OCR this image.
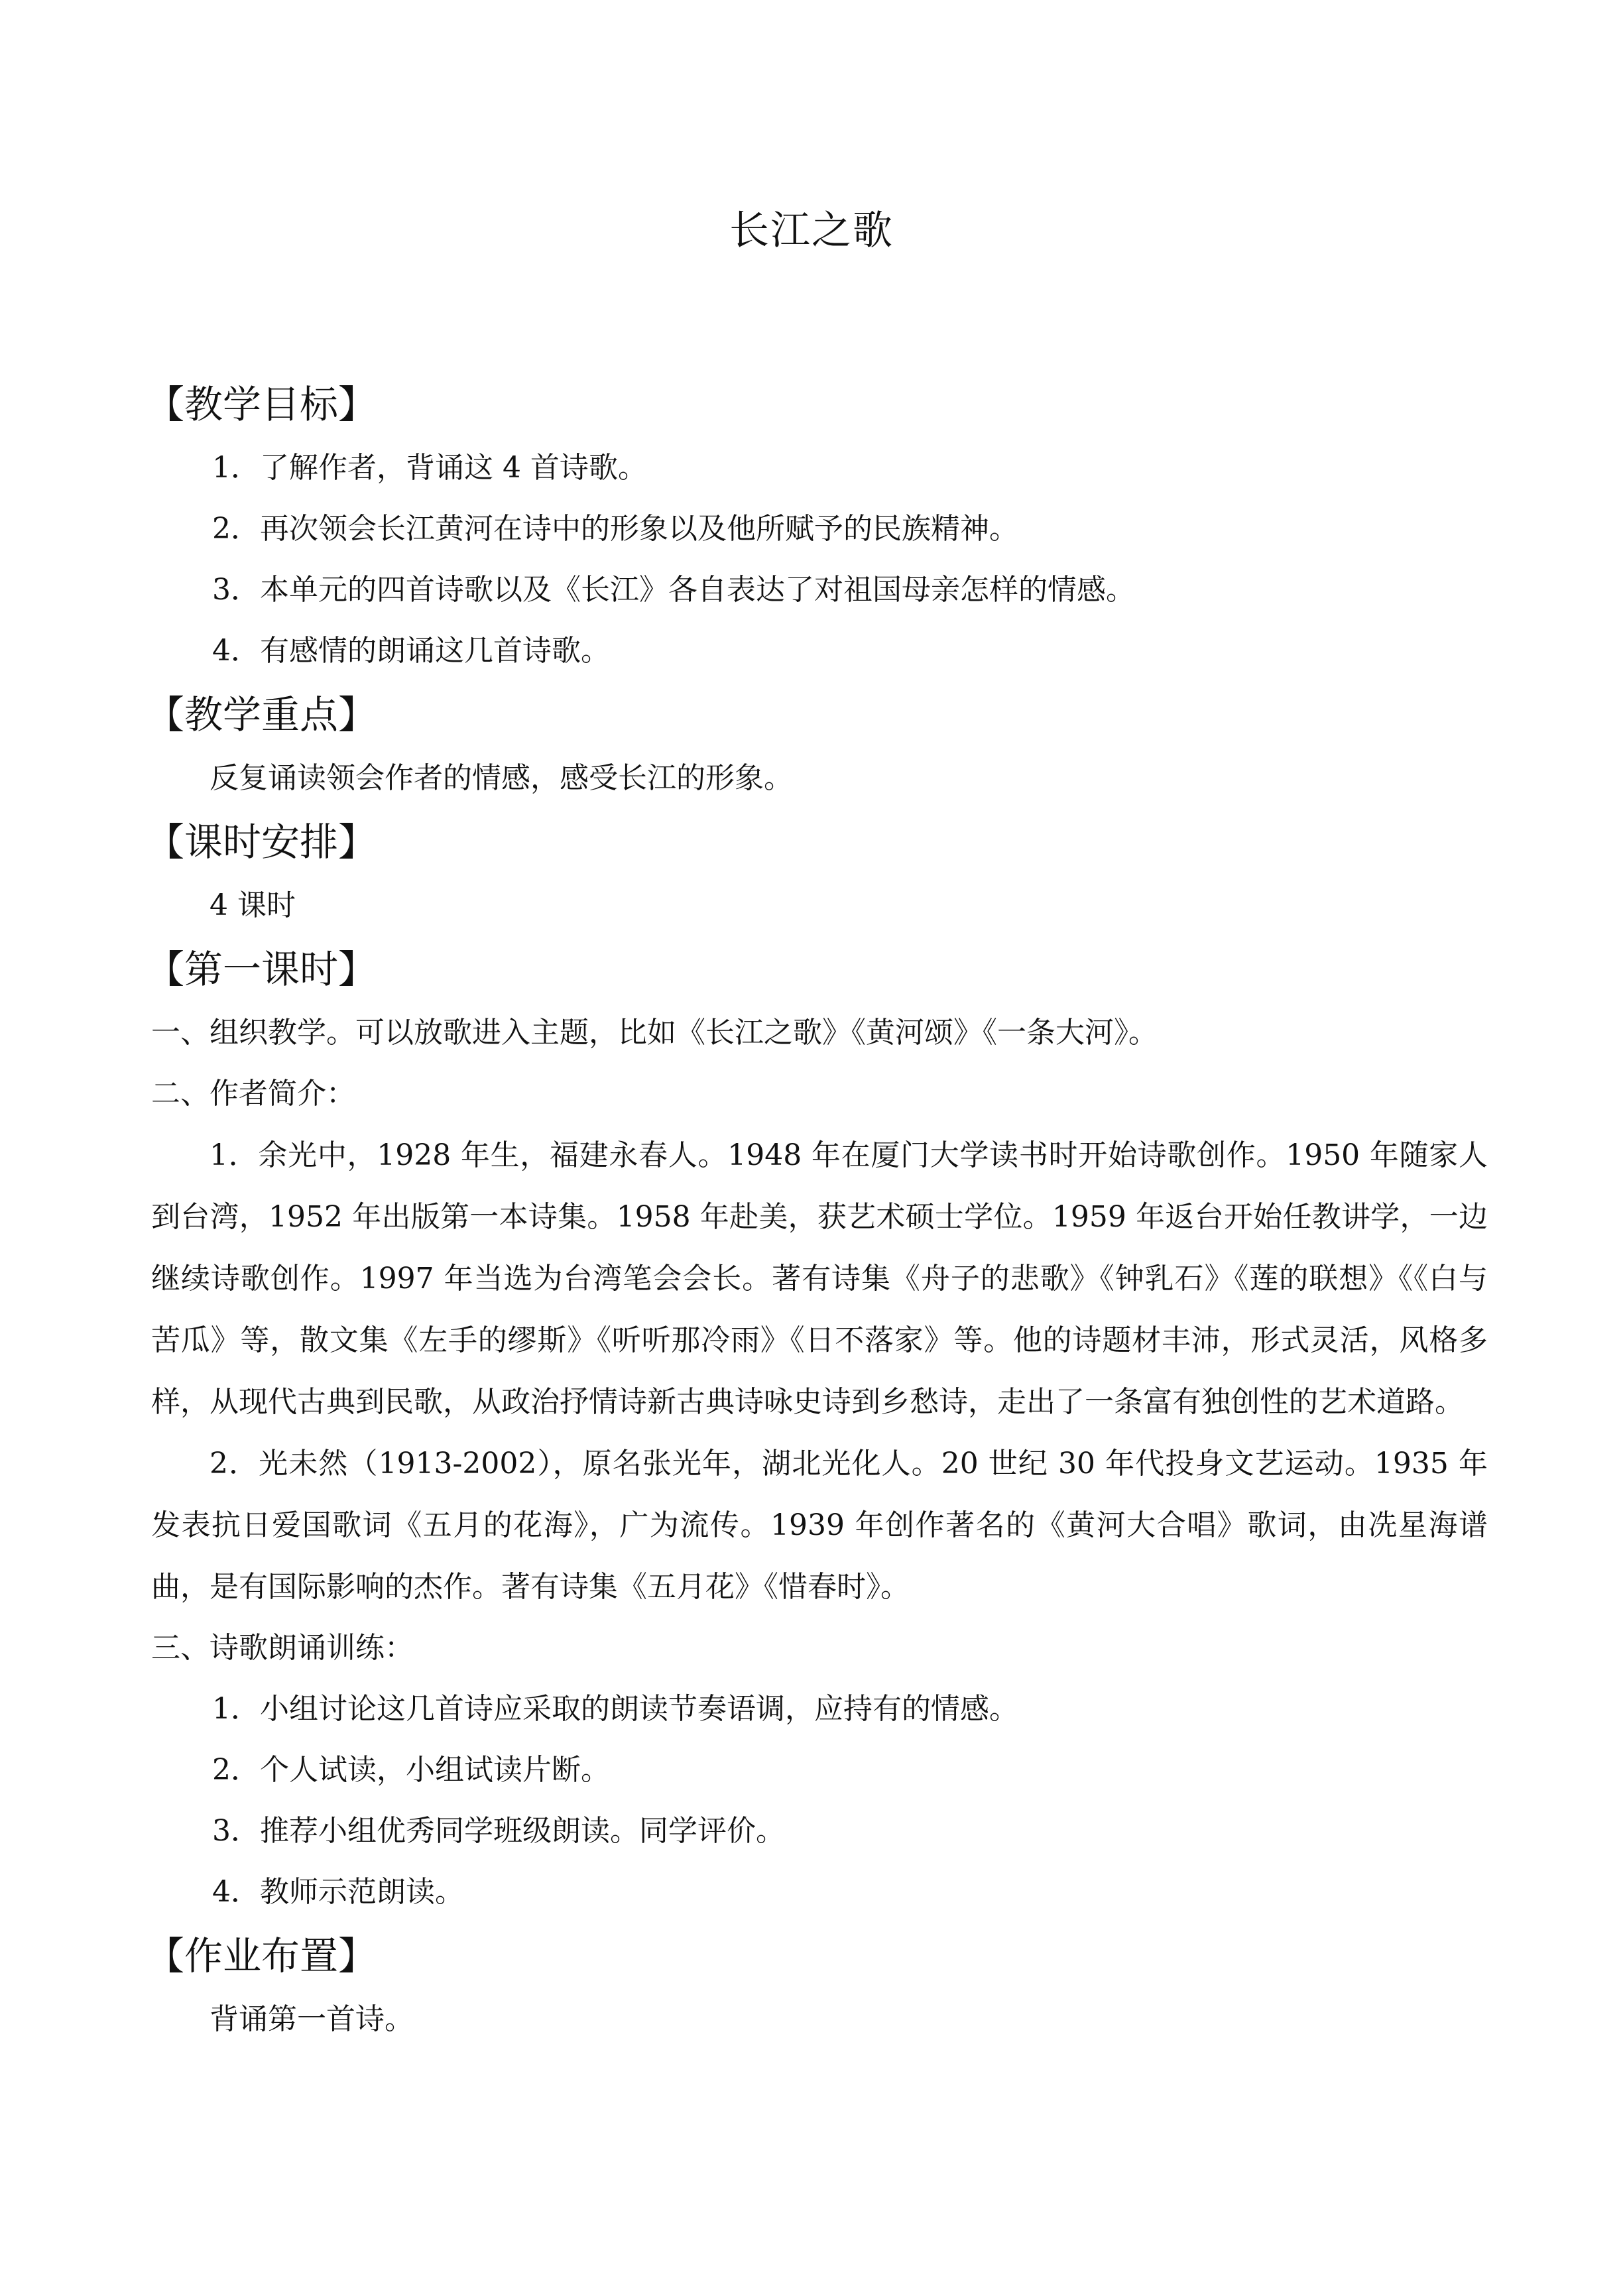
长江之歌
【教学目标】
1．了解作者，背诵这 4 首诗歌。
2．再次领会长江黄河在诗中的形象以及他所赋予的民族精神。
3．本单元的四首诗歌以及《长江》各自表达了对祖国母亲怎样的情感。
4．有感情的朗诵这几首诗歌。
【教学重点】
反复诵读领会作者的情感，感受长江的形象。
【课时安排】
4 课时
【第一课时】
一、组织教学。可以放歌进入主题，比如《长江之歌》《黄河颂》《一条大河》。
二、作者简介：
1．余光中，1928 年生，福建永春人。1948 年在厦门大学读书时开始诗歌创作。1950 年随家人到台湾，1952 年出版第一本诗集。1958 年赴美，获艺术硕士学位。1959 年返台开始任教讲学，一边继续诗歌创作。1997 年当选为台湾笔会会长。著有诗集《舟子的悲歌》《钟乳石》《莲的联想》《《白与苦瓜》等，散文集《左手的缪斯》《听听那冷雨》《日不落家》等。他的诗题材丰沛，形式灵活，风格多样，从现代古典到民歌，从政治抒情诗新古典诗咏史诗到乡愁诗，走出了一条富有独创性的艺术道路。
2．光未然（1913-2002），原名张光年，湖北光化人。20 世纪 30 年代投身文艺运动。1935 年发表抗日爱国歌词《五月的花海》，广为流传。1939 年创作著名的《黄河大合唱》歌词，由冼星海谱曲，是有国际影响的杰作。著有诗集《五月花》《惜春时》。
三、诗歌朗诵训练：
1．小组讨论这几首诗应采取的朗读节奏语调，应持有的情感。
2．个人试读，小组试读片断。
3．推荐小组优秀同学班级朗读。同学评价。
4．教师示范朗读。
【作业布置】
背诵第一首诗。
